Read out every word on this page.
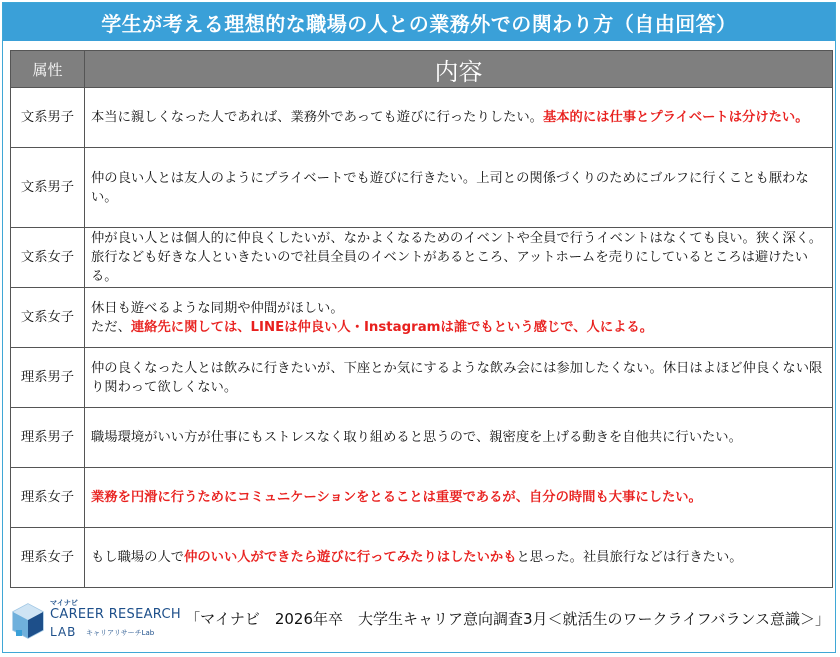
学生が考える理想的な職場の人との業務外での関わり方（自由回答）
属性	内容
文系男子	本当に親しくなった人であれば、業務外であっても遊びに行ったりしたい。基本的には仕事とプライベートは分けたい。
文系男子	仲の良い人とは友人のようにプライベートでも遊びに行きたい。上司との関係づくりのためにゴルフに行くことも厭わない。
文系女子	仲が良い人とは個人的に仲良くしたいが、なかよくなるためのイベントや全員で行うイベントはなくても良い。狭く深く。旅行なども好きな人といきたいので社員全員のイベントがあるところ、アットホームを売りにしているところは避けたいる。
文系女子	休日も遊べるような同期や仲間がほしい。
ただ、連絡先に関しては、LINEは仲良い人・Instagramは誰でもという感じで、人による。
理系男子	仲の良くなった人とは飲みに行きたいが、下座とか気にするような飲み会には参加したくない。休日はよほど仲良くない限り関わって欲しくない。
理系男子	職場環境がいい方が仕事にもストレスなく取り組めると思うので、親密度を上げる動きを自他共に行いたい。
理系女子	業務を円滑に行うためにコミュニケーションをとることは重要であるが、自分の時間も大事にしたい。
理系女子	もし職場の人で仲のいい人ができたら遊びに行ってみたりはしたいかもと思った。社員旅行などは行きたい。
マイナビ
CAREER RESEARCH
LAB キャリアリサーチLab
「マイナビ　2026年卒　大学生キャリア意向調査3月＜就活生のワークライフバランス意識＞」
